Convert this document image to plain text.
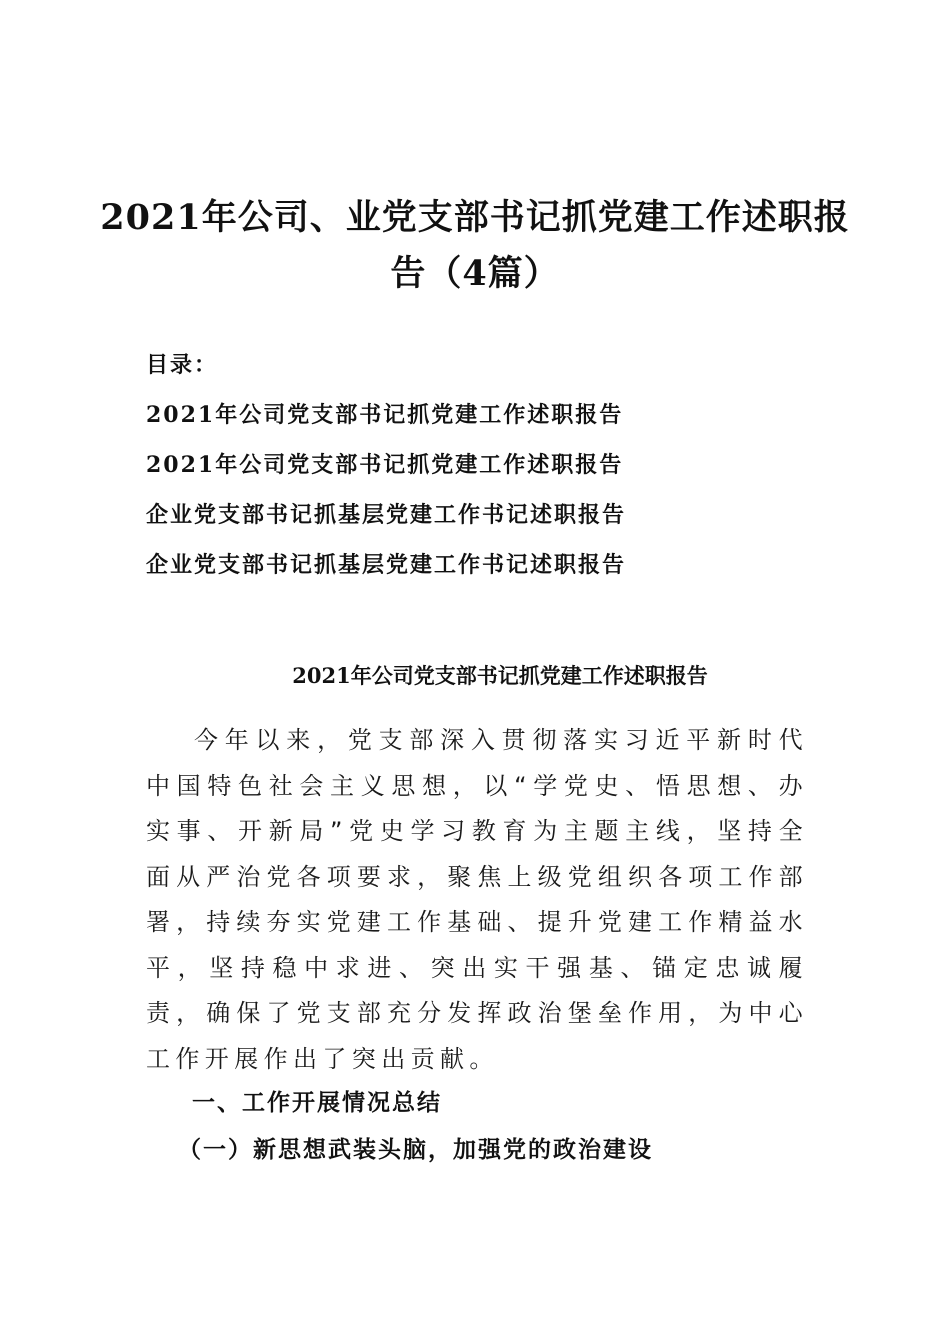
2021年公司、业党支部书记抓党建工作述职报告（4篇）
目录：
2021年公司党支部书记抓党建工作述职报告
2021年公司党支部书记抓党建工作述职报告
企业党支部书记抓基层党建工作书记述职报告
企业党支部书记抓基层党建工作书记述职报告
2021年公司党支部书记抓党建工作述职报告

今年以来，党支部深入贯彻落实习近平新时代中国特色社会主义思想，以“学党史、悟思想、办实事、开新局”党史学习教育为主题主线，坚持全面从严治党各项要求，聚焦上级党组织各项工作部署，持续夯实党建工作基础、提升党建工作精益水平，坚持稳中求进、突出实干强基、锚定忠诚履责，确保了党支部充分发挥政治堡垒作用，为中心工作开展作出了突出贡献。

一、工作开展情况总结
（一）新思想武装头脑，加强党的政治建设
